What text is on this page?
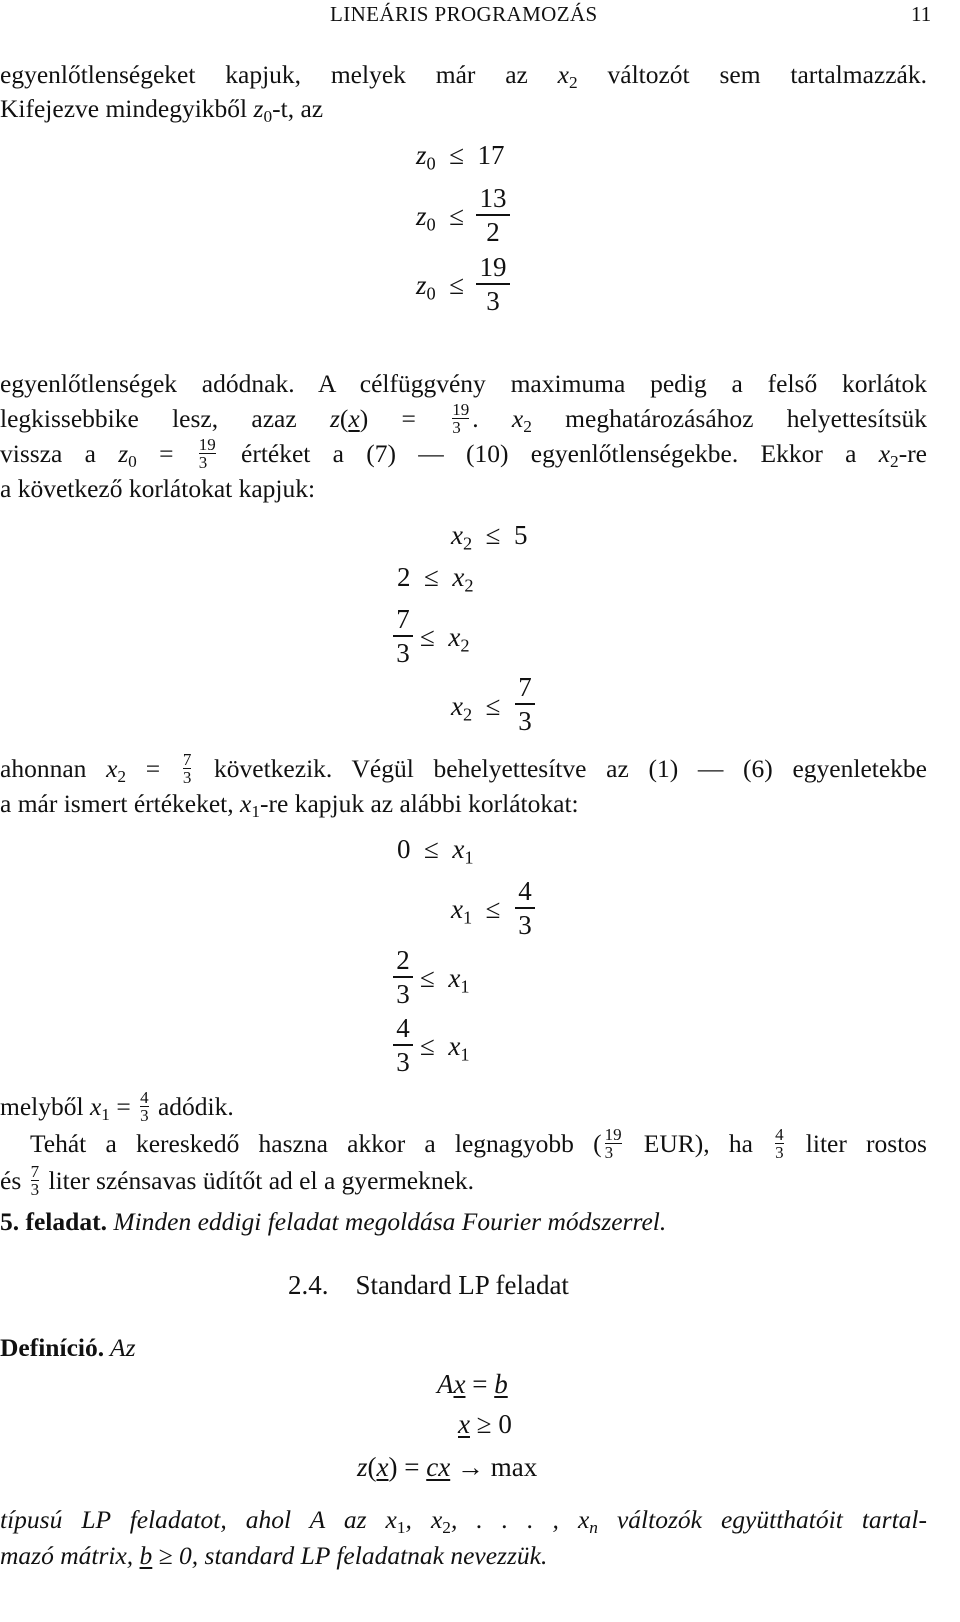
LINEÁRIS PROGRAMOZÁS	11
egyenlőtlenségeket kapjuk, melyek már az $x_2$ változót sem tartalmazzák.
Kifejezve mindegyikből $z_0-t$, az
$z_0 \le 17$
$z_0$ ≤
13
2
$z_0$ ≤
19
3
egyenlőtlenségek adódnak. A célfüggvény maximuma pedig a felső korlátok
legkissebbike lesz, azaz $z(x) = \frac{19}{3}$ . $x_2$ meghatározásához helyettesítsük
vissza a $z_0 = \frac{19}{3}$ értéket a (7) — (10) egyenlőtlenségekbe. Ekkor a $x_2-re$
a következő korlátokat kapjuk:
$x_2 \le 5$
$2 \le x_2$
7
3
≤ $x_2$
$x_2$ ≤
7
3
ahonnan $x_2 = \frac{7}{3}$ következik. Végül behelyettesítve az (1) — (6) egyenletekbe
a már ismert értékeket, $x_1-re$ kapjuk az alábbi korlátokat:
$0 \le x_1$
$x_1$ ≤
4
3
2
3
≤ $x_1$
4
3
≤ $x_1$
melyből $x_1 = \frac{4}{3}$ adódik.
Tehát a kereskedő haszna akkor a legnagyobb ( $\frac{19}{3} EUR$), ha $\frac{4}{3}$ liter rostos
és $\frac{7}{3}$ liter szénsavas üdítőt ad el a gyermeknek.
5. feladat. Minden eddigi feladat megoldása Fourier módszerrel.
2.4. Standard LP feladat
Definíció. Az
Ax = b
x ≥ 0
z(x) = cx → max
típusú LP feladatot, ahol A az $x_1$, $x_2$, . . . , $x_n$ változók együtthatóit tartal-
mazó mátrix, b ≥ 0, standard LP feladatnak nevezzük.
